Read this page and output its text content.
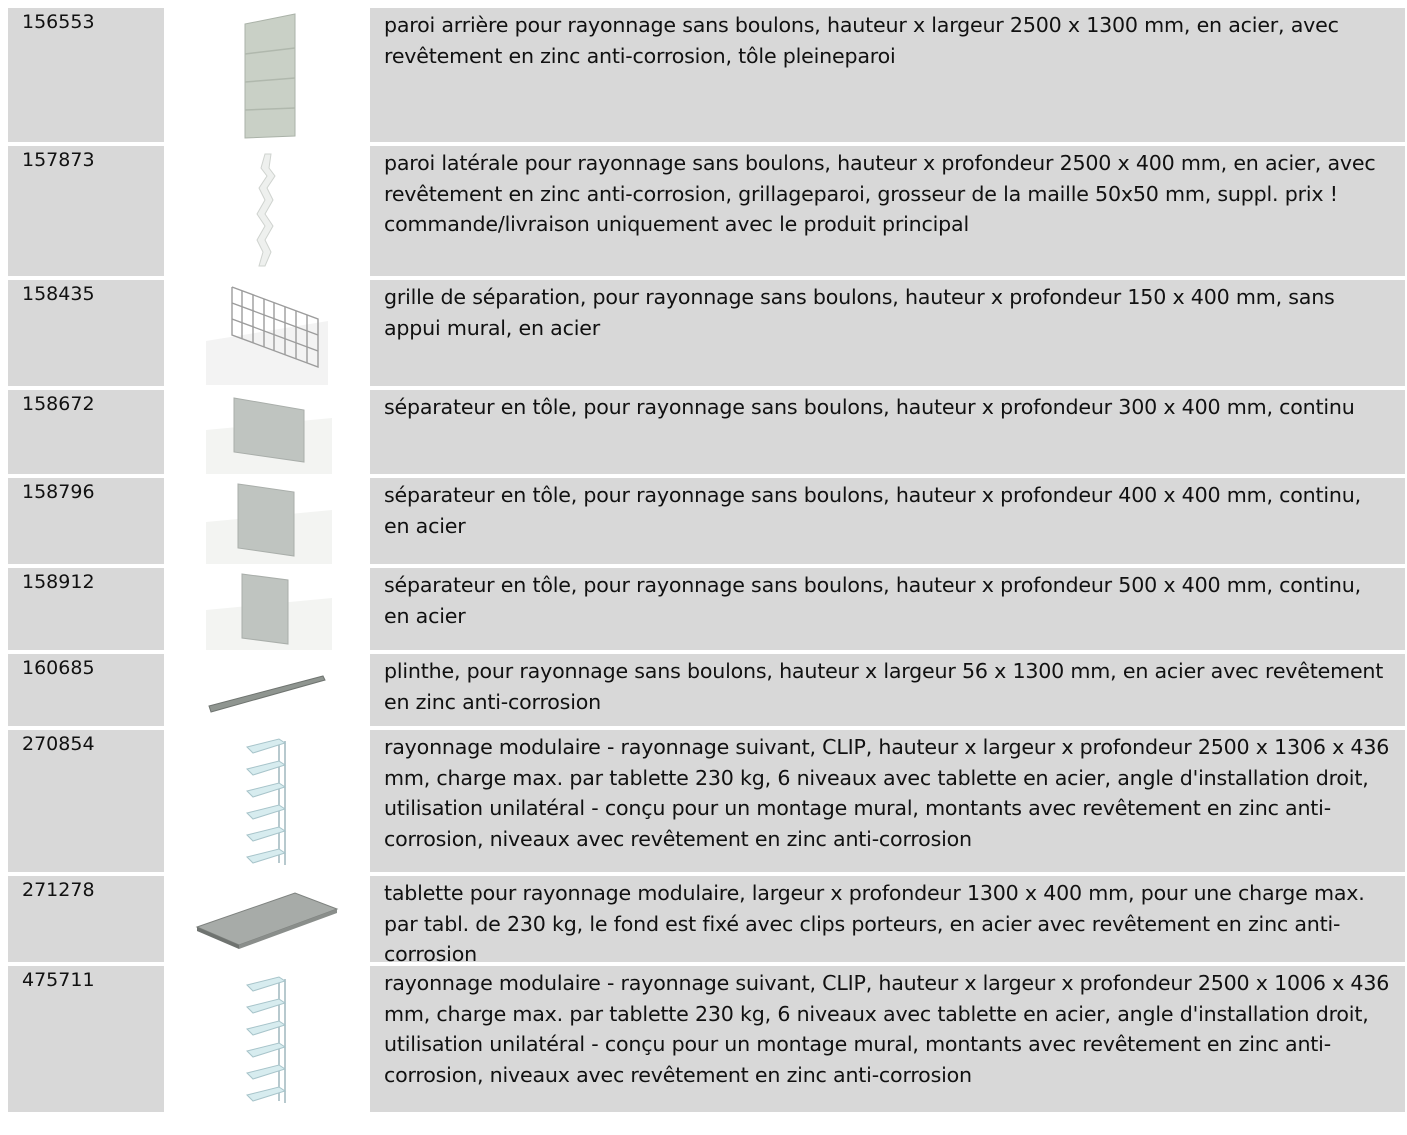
156553	paroi arrière pour rayonnage sans boulons, hauteur x largeur 2500 x 1300 mm, en acier, avec revêtement en zinc anti-corrosion, tôle pleineparoi
157873	paroi latérale pour rayonnage sans boulons, hauteur x profondeur 2500 x 400 mm, en acier, avec revêtement en zinc anti-corrosion, grillageparoi, grosseur de la maille 50x50 mm, suppl. prix ! commande/livraison uniquement avec le produit principal
158435	grille de séparation, pour rayonnage sans boulons, hauteur x profondeur 150 x 400 mm, sans appui mural, en acier
158672	séparateur en tôle, pour rayonnage sans boulons, hauteur x profondeur 300 x 400 mm, continu
158796	séparateur en tôle, pour rayonnage sans boulons, hauteur x profondeur 400 x 400 mm, continu, en acier
158912	séparateur en tôle, pour rayonnage sans boulons, hauteur x profondeur 500 x 400 mm, continu, en acier
160685	plinthe, pour rayonnage sans boulons, hauteur x largeur 56 x 1300 mm, en acier avec revêtement en zinc anti-corrosion
270854	rayonnage modulaire - rayonnage suivant, CLIP, hauteur x largeur x profondeur 2500 x 1306 x 436 mm, charge max. par tablette 230 kg, 6 niveaux avec tablette en acier, angle d'installation droit, utilisation unilatéral - conçu pour un montage mural, montants avec revêtement en zinc anti-corrosion, niveaux avec revêtement en zinc anti-corrosion
271278	tablette pour rayonnage modulaire, largeur x profondeur 1300 x 400 mm, pour une charge max. par tabl. de 230 kg, le fond est fixé avec clips porteurs, en acier avec revêtement en zinc anti-corrosion
475711	rayonnage modulaire - rayonnage suivant, CLIP, hauteur x largeur x profondeur 2500 x 1006 x 436 mm, charge max. par tablette 230 kg, 6 niveaux avec tablette en acier, angle d'installation droit, utilisation unilatéral - conçu pour un montage mural, montants avec revêtement en zinc anti-corrosion, niveaux avec revêtement en zinc anti-corrosion
